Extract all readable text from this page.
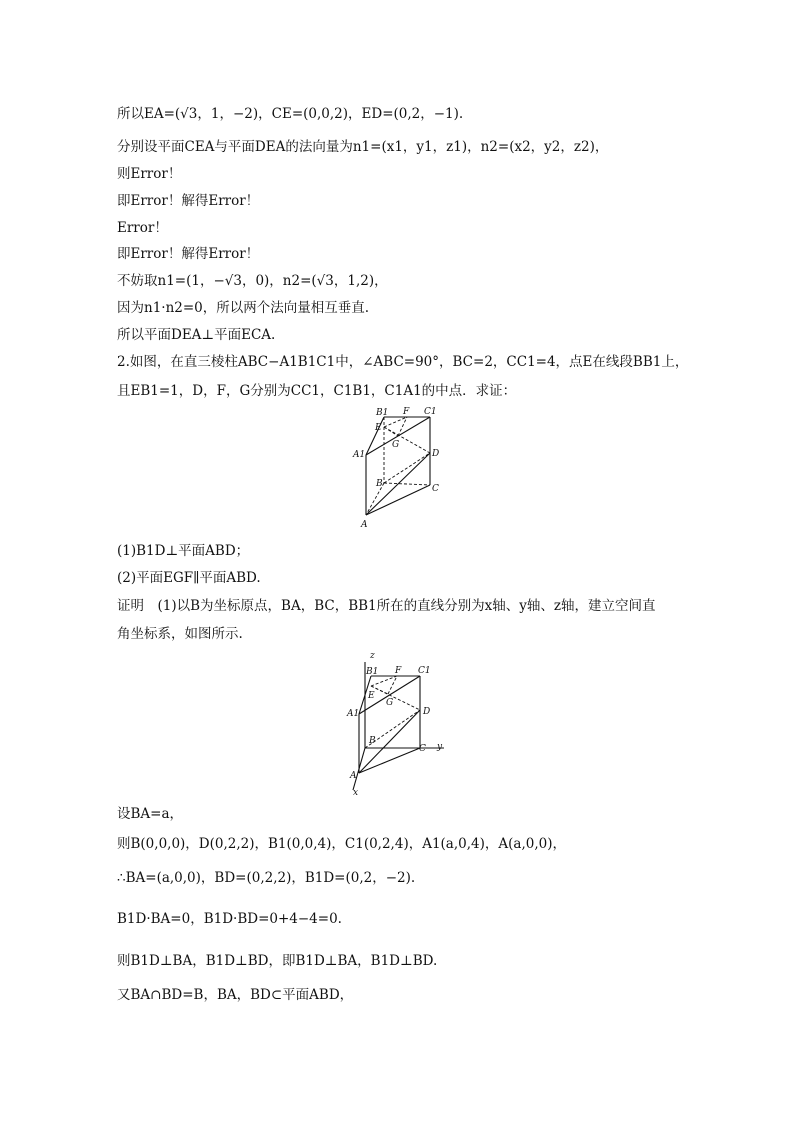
所以EA=(√3，1，−2)，CE=(0,0,2)，ED=(0,2，−1).
分别设平面CEA与平面DEA的法向量为n1=(x1，y1，z1)，n2=(x2，y2，z2)，
则Error！
即Error！解得Error！
Error！
即Error！解得Error！
不妨取n1=(1，−√3，0)，n2=(√3，1,2)，
因为n1·n2=0，所以两个法向量相互垂直.
所以平面DEA⊥平面ECA.
2.如图，在直三棱柱ABC−A1B1C1中，∠ABC=90°，BC=2，CC1=4，点E在线段BB1上，
且EB1=1，D，F，G分别为CC1，C1B1，C1A1的中点．求证：
B1 F C1
E
G
A1	D
B	C
A
(1)B1D⊥平面ABD；
(2)平面EGF∥平面ABD.
证明　(1)以B为坐标原点，BA，BC，BB1所在的直线分别为x轴、y轴、z轴，建立空间直
角坐标系，如图所示.
z
B1 F C1
E
G
A1	D
B
C y
A
x
设BA=a，
则B(0,0,0)，D(0,2,2)，B1(0,0,4)，C1(0,2,4)，A1(a,0,4)，A(a,0,0)，
∴BA=(a,0,0)，BD=(0,2,2)，B1D=(0,2，−2).
B1D·BA=0，B1D·BD=0+4−4=0.
则B1D⊥BA，B1D⊥BD，即B1D⊥BA，B1D⊥BD.
又BA∩BD=B，BA，BD⊂平面ABD，
